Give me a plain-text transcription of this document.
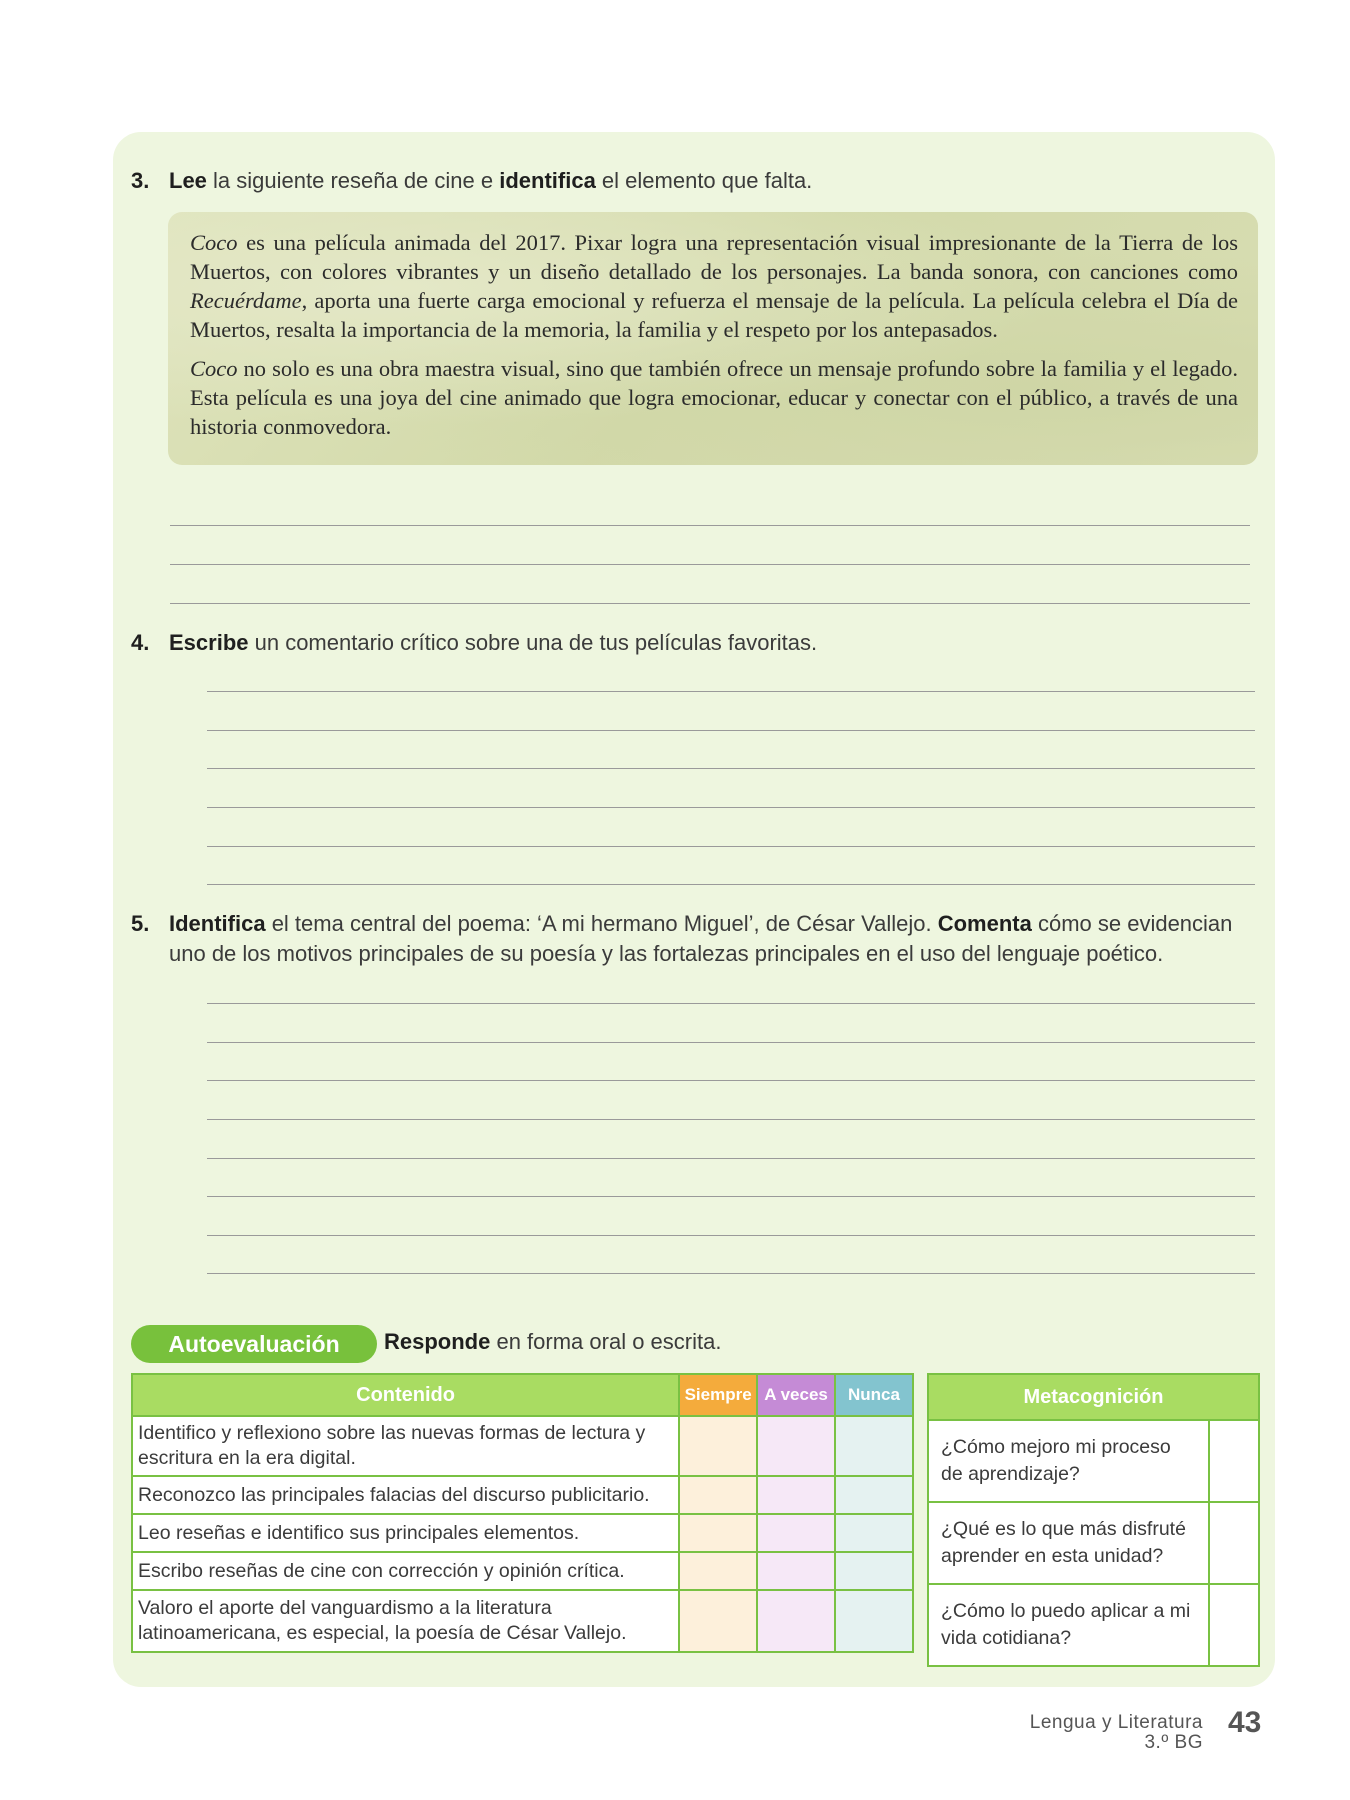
3. Lee la siguiente reseña de cine e identifica el elemento que falta.

Coco es una película animada del 2017. Pixar logra una representación visual impresionante de la Tierra de los Muertos, con colores vibrantes y un diseño detallado de los personajes. La banda sonora, con canciones como Recuérdame, aporta una fuerte carga emocional y refuerza el mensaje de la película. La película celebra el Día de Muertos, resalta la importancia de la memoria, la familia y el respeto por los antepasados.

Coco no solo es una obra maestra visual, sino que también ofrece un mensaje profundo sobre la familia y el legado. Esta película es una joya del cine animado que logra emocionar, educar y conectar con el público, a través de una historia conmovedora.

4. Escribe un comentario crítico sobre una de tus películas favoritas.
5. Identifica el tema central del poema: ‘A mi hermano Miguel’, de César Vallejo. Comenta cómo se evidencian uno de los motivos principales de su poesía y las fortalezas principales en el uso del lenguaje poético.
Autoevaluación	Responde en forma oral o escrita.
Contenido	Siempre	A veces	Nunca
Identifico y reflexiono sobre las nuevas formas de lectura y escritura en la era digital.			
Reconozco las principales falacias del discurso publicitario.			
Leo reseñas e identifico sus principales elementos.			
Escribo reseñas de cine con corrección y opinión crítica.			
Valoro el aporte del vanguardismo a la literatura latinoamericana, es especial, la poesía de César Vallejo.			
Metacognición	
¿Cómo mejoro mi proceso de aprendizaje?	
¿Qué es lo que más disfruté aprender en esta unidad?	
¿Cómo lo puedo aplicar a mi vida cotidiana?	
Lengua y Literatura
3.º BG
43
